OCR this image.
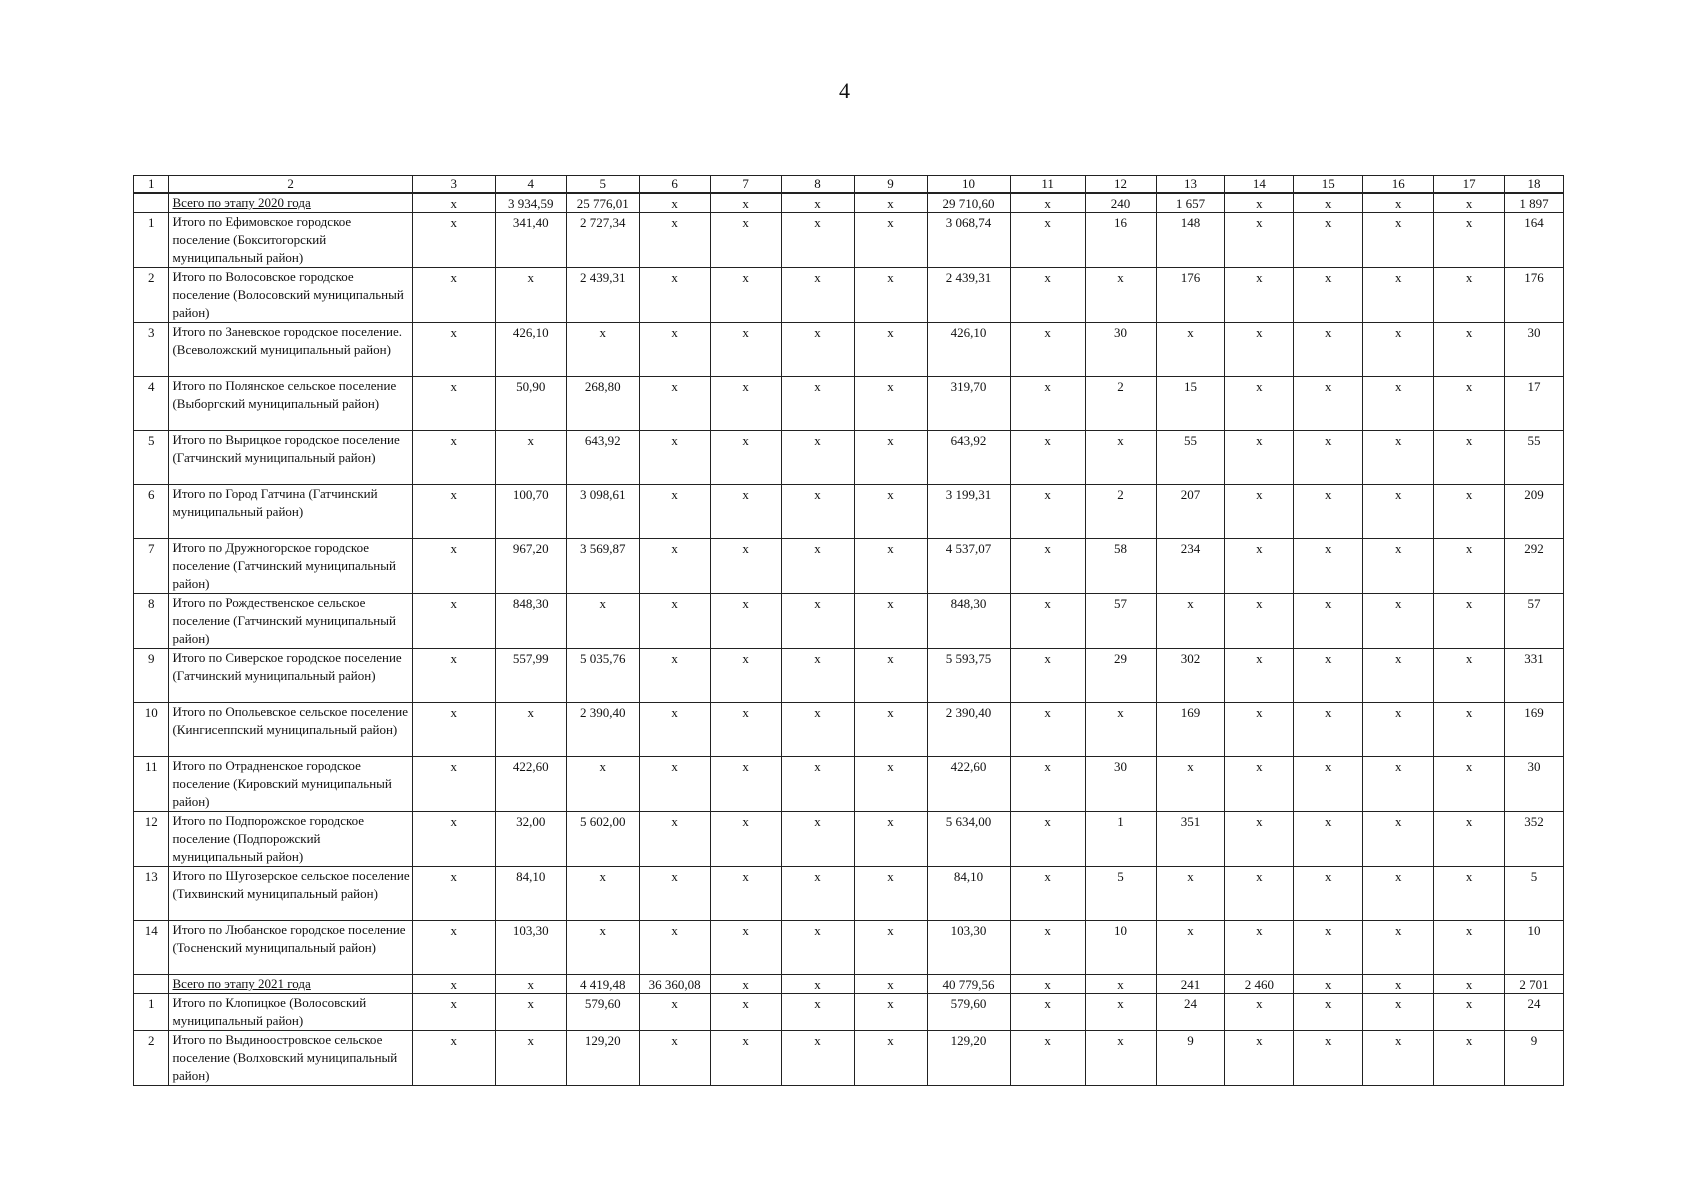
4
1	2	3	4	5	6	7	8	9	10	11	12	13	14	15	16	17	18
	Всего по этапу 2020 года	x	3 934,59	25 776,01	x	x	x	x	29 710,60	x	240	1 657	x	x	x	x	1 897
1	Итого по Ефимовское городское поселение (Бокситогорский муниципальный район)	x	341,40	2 727,34	x	x	x	x	3 068,74	x	16	148	x	x	x	x	164
2	Итого по Волосовское городское поселение (Волосовский муниципальный район)	x	x	2 439,31	x	x	x	x	2 439,31	x	x	176	x	x	x	x	176
3	Итого по Заневское городское поселение. (Всеволожский муниципальный район)	x	426,10	x	x	x	x	x	426,10	x	30	x	x	x	x	x	30
4	Итого по Полянское сельское поселение (Выборгский муниципальный район)	x	50,90	268,80	x	x	x	x	319,70	x	2	15	x	x	x	x	17
5	Итого по Вырицкое городское поселение (Гатчинский муниципальный район)	x	x	643,92	x	x	x	x	643,92	x	x	55	x	x	x	x	55
6	Итого по Город Гатчина (Гатчинский муниципальный район)	x	100,70	3 098,61	x	x	x	x	3 199,31	x	2	207	x	x	x	x	209
7	Итого по Дружногорское городское поселение (Гатчинский муниципальный район)	x	967,20	3 569,87	x	x	x	x	4 537,07	x	58	234	x	x	x	x	292
8	Итого по Рождественское сельское поселение (Гатчинский муниципальный район)	x	848,30	x	x	x	x	x	848,30	x	57	x	x	x	x	x	57
9	Итого по Сиверское городское поселение (Гатчинский муниципальный район)	x	557,99	5 035,76	x	x	x	x	5 593,75	x	29	302	x	x	x	x	331
10	Итого по Опольевское сельское поселение (Кингисеппский муниципальный район)	x	x	2 390,40	x	x	x	x	2 390,40	x	x	169	x	x	x	x	169
11	Итого по Отрадненское городское поселение (Кировский муниципальный район)	x	422,60	x	x	x	x	x	422,60	x	30	x	x	x	x	x	30
12	Итого по Подпорожское городское поселение (Подпорожский муниципальный район)	x	32,00	5 602,00	x	x	x	x	5 634,00	x	1	351	x	x	x	x	352
13	Итого по Шугозерское сельское поселение (Тихвинский муниципальный район)	x	84,10	x	x	x	x	x	84,10	x	5	x	x	x	x	x	5
14	Итого по Любанское городское поселение (Тосненский муниципальный район)	x	103,30	x	x	x	x	x	103,30	x	10	x	x	x	x	x	10
	Всего по этапу 2021 года	x	x	4 419,48	36 360,08	x	x	x	40 779,56	x	x	241	2 460	x	x	x	2 701
1	Итого по Клопицкое (Волосовский муниципальный район)	x	x	579,60	x	x	x	x	579,60	x	x	24	x	x	x	x	24
2	Итого по Выдиноостровское сельское поселение (Волховский муниципальный район)	x	x	129,20	x	x	x	x	129,20	x	x	9	x	x	x	x	9
